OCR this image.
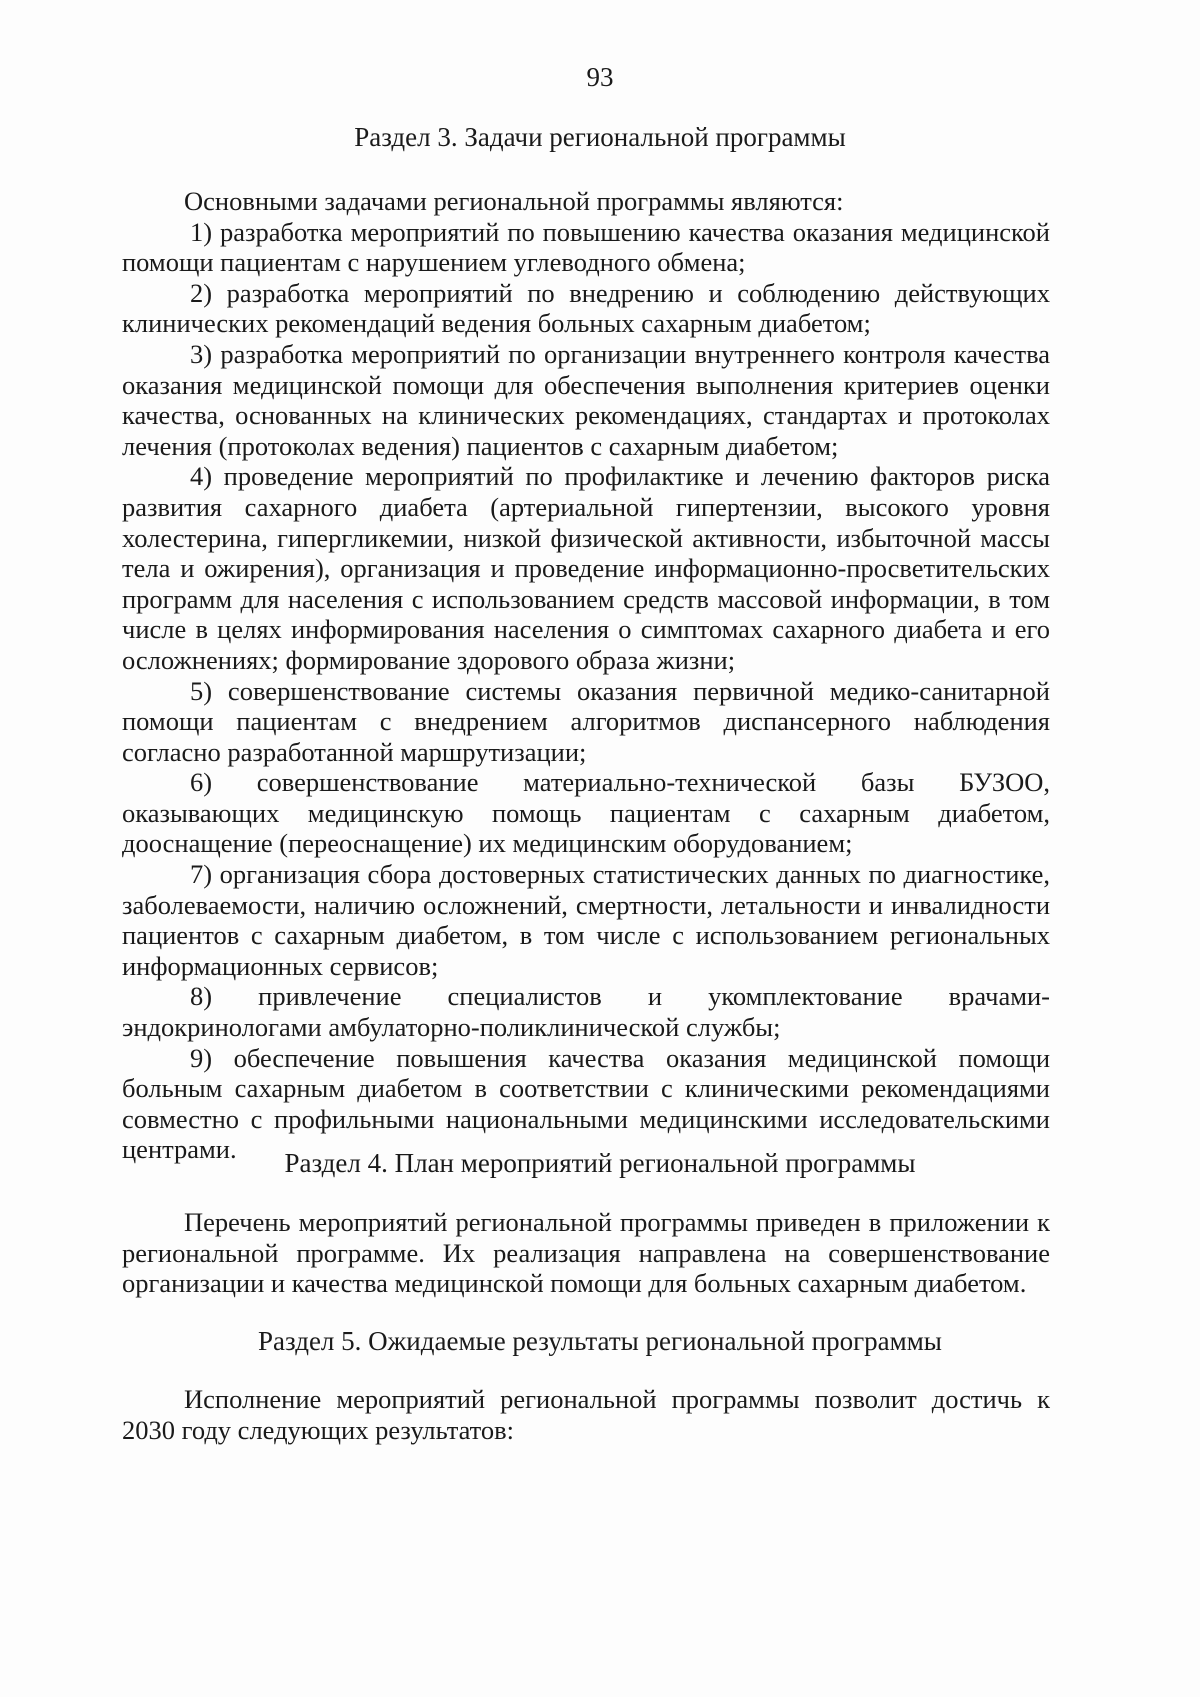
93
Раздел 3. Задачи региональной программы

Основными задачами региональной программы являются:

1) разработка мероприятий по повышению качества оказания медицинской помощи пациентам с нарушением углеводного обмена;

2) разработка мероприятий по внедрению и соблюдению действующих клинических рекомендаций ведения больных сахарным диабетом;

3) разработка мероприятий по организации внутреннего контроля качества оказания медицинской помощи для обеспечения выполнения критериев оценки качества, основанных на клинических рекомендациях, стандартах и протоколах лечения (протоколах ведения) пациентов с сахарным диабетом;

4) проведение мероприятий по профилактике и лечению факторов риска развития сахарного диабета (артериальной гипертензии, высокого уровня холестерина, гипергликемии, низкой физической активности, избыточной массы тела и ожирения), организация и проведение информационно-просветительских программ для населения с использованием средств массовой информации, в том числе в целях информирования населения о симптомах сахарного диабета и его осложнениях; формирование здорового образа жизни;

5) совершенствование системы оказания первичной медико-санитарной помощи пациентам с внедрением алгоритмов диспансерного наблюдения согласно разработанной маршрутизации;

6) совершенствование материально-технической базы БУЗОО, оказывающих медицинскую помощь пациентам с сахарным диабетом, дооснащение (переоснащение) их медицинским оборудованием;

7) организация сбора достоверных статистических данных по диагностике, заболеваемости, наличию осложнений, смертности, летальности и инвалидности пациентов с сахарным диабетом, в том числе с использованием региональных информационных сервисов;

8) привлечение специалистов и укомплектование врачами-эндокринологами амбулаторно-поликлинической службы;

9) обеспечение повышения качества оказания медицинской помощи больным сахарным диабетом в соответствии с клиническими рекомендациями совместно с профильными национальными медицинскими исследовательскими центрами.	Раздел 4. План мероприятий региональной программы

Перечень мероприятий региональной программы приведен в приложении к региональной программе. Их реализация направлена на совершенствование организации и качества медицинской помощи для больных сахарным диабетом.

Раздел 5. Ожидаемые результаты региональной программы

Исполнение мероприятий региональной программы позволит достичь к 2030 году следующих результатов:
